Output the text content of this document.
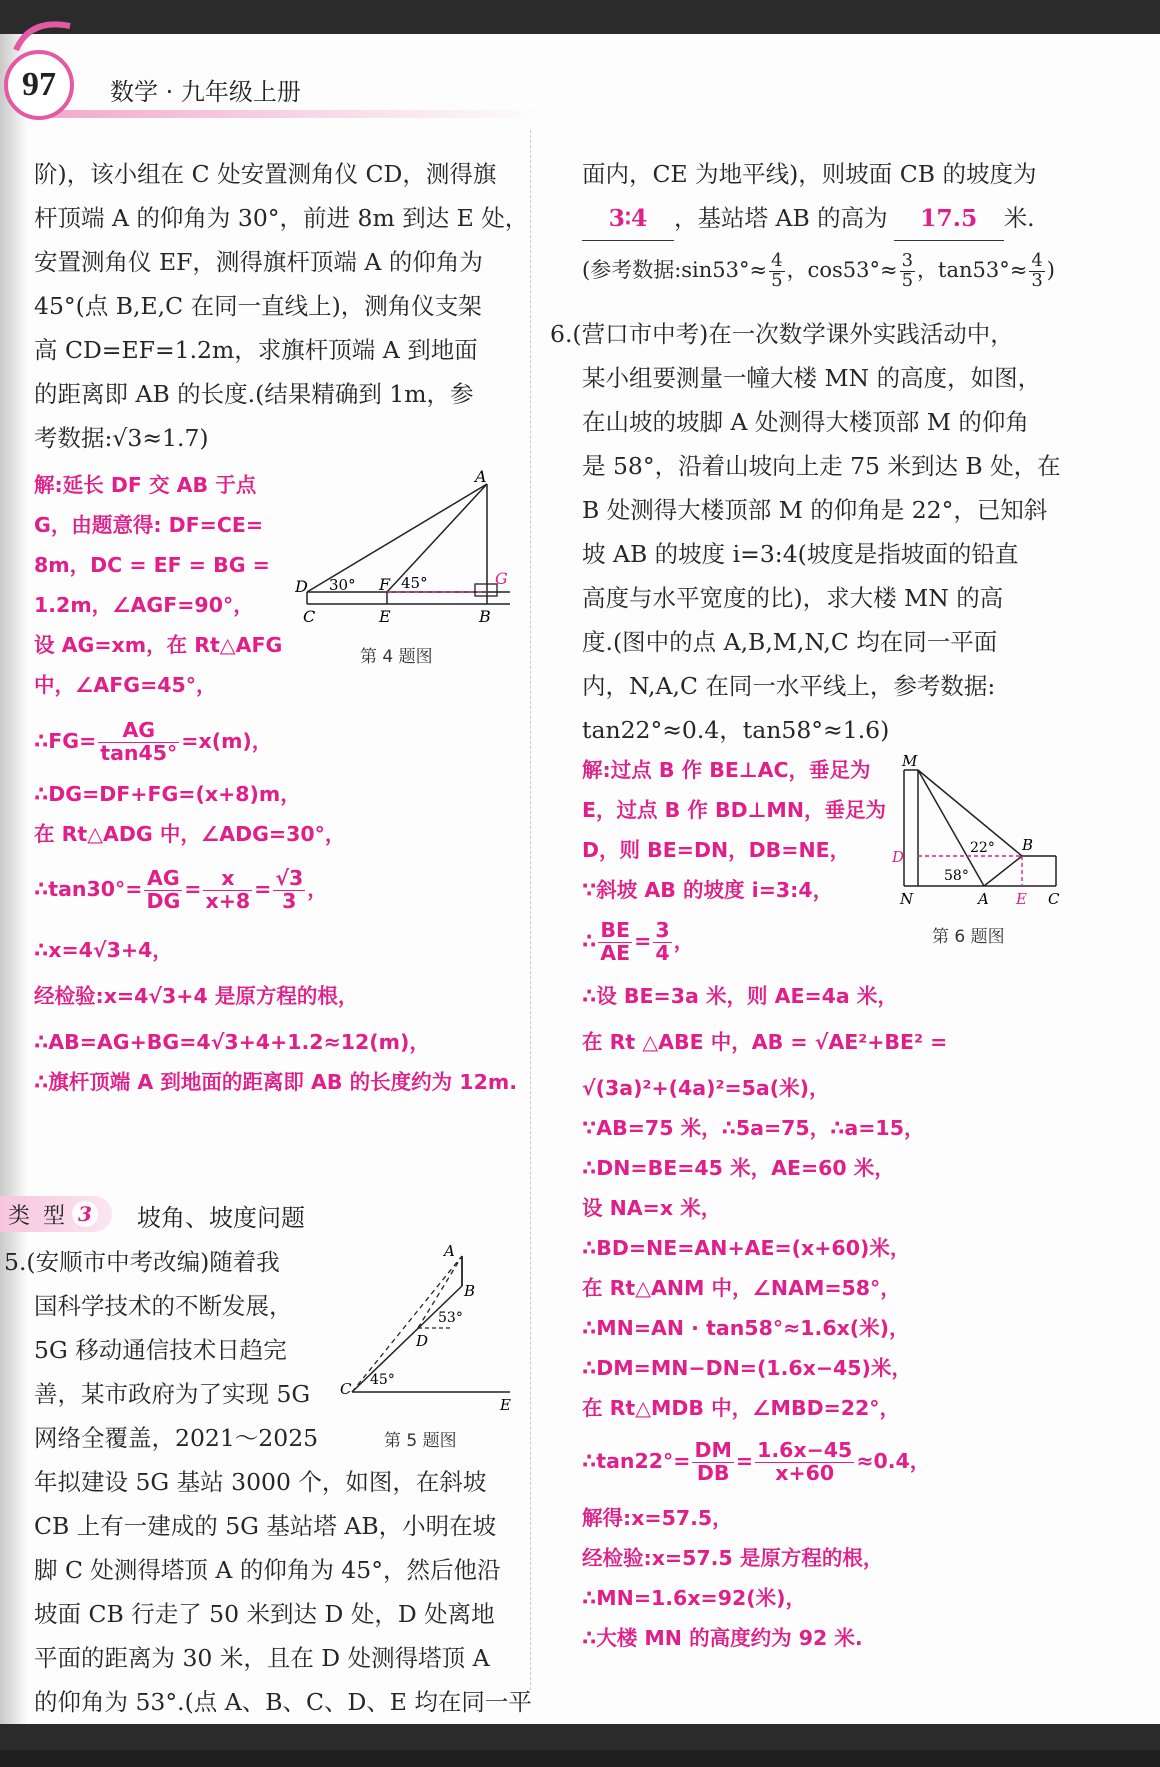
97 数学 · 九年级上册
阶)，该小组在 C 处安置测角仪 CD，测得旗
杆顶端 A 的仰角为 30°，前进 8m 到达 E 处，
安置测角仪 EF，测得旗杆顶端 A 的仰角为
45°(点 B,E,C 在同一直线上)，测角仪支架
高 CD=EF=1.2m，求旗杆顶端 A 到地面
的距离即 AB 的长度.(结果精确到 1m，参
考数据:√3≈1.7)
解:延长 DF 交 AB 于点
G，由题意得: DF=CE=
8m，DC = EF = BG =
1.2m，∠AGF=90°，
设 AG=xm，在 Rt△AFG
中，∠AFG=45°，
∴FG= $\frac{AG}{\tan 45^\circ} =x(m)$，
∴DG=DF+FG=(x+8)m，
在 Rt△ADG 中，∠ADG=30°，
∴tan30°= $\frac{AG}{DG} = \frac{x}{x+8} = \frac{√3}{3}$ ，
∴x=4√3+4，
经检验:x=4√3+4 是原方程的根，
∴AB=AG+BG=4√3+4+1.2≈12(m)，
∴旗杆顶端 A 到地面的距离即 AB 的长度约为 12m.
A
D 30° F 45°	G
C	E	B
第 4 题图
类 型 3 坡角、坡度问题
5.(安顺市中考改编)随着我
国科学技术的不断发展，
5G 移动通信技术日趋完
善，某市政府为了实现 5G
网络全覆盖，2021～2025
年拟建设 5G 基站 3000 个，如图，在斜坡
CB 上有一建成的 5G 基站塔 AB，小明在坡
脚 C 处测得塔顶 A 的仰角为 45°，然后他沿
坡面 CB 行走了 50 米到达 D 处，D 处离地
平面的距离为 30 米，且在 D 处测得塔顶 A
的仰角为 53°.(点 A、B、C、D、E 均在同一平
A
B
53°
D
C 45°
E
第 5 题图
面内，CE 为地平线)，则坡面 CB 的坡度为
3∶4 ，基站塔 AB 的高为 17.5 米.
(参考数据:sin53°≈ $\frac{4}{5}$ ，$\cos 53^\circ\approx \frac{3}{5}$ ，$\tan 53^\circ\approx \frac{4}{3}$ )
6.(营口市中考)在一次数学课外实践活动中，
某小组要测量一幢大楼 MN 的高度，如图，
在山坡的坡脚 A 处测得大楼顶部 M 的仰角
是 58°，沿着山坡向上走 75 米到达 B 处，在
B 处测得大楼顶部 M 的仰角是 22°，已知斜
坡 AB 的坡度 i=3:4(坡度是指坡面的铅直
高度与水平宽度的比)，求大楼 MN 的高
度.(图中的点 A,B,M,N,C 均在同一平面
内，N,A,C 在同一水平线上，参考数据:
tan22°≈0.4，tan58°≈1.6)
解:过点 B 作 BE⊥AC，垂足为
E，过点 B 作 BD⊥MN，垂足为
D，则 BE=DN，DB=NE，
∵斜坡 AB 的坡度 i=3:4，
∴ $\frac{BE}{AE} = \frac{3}{4}$ ，
∴设 BE=3a 米，则 AE=4a 米，
在 Rt △ABE 中，AB = √AE²+BE² =
√(3a)²+(4a)²=5a(米)，
∵AB=75 米，∴5a=75，∴a=15，
∴DN=BE=45 米，AE=60 米，
设 NA=x 米，
∴BD=NE=AN+AE=(x+60)米，
在 Rt△ANM 中，∠NAM=58°，
∴MN=AN · tan58°≈1.6x(米)，
∴DM=MN−DN=(1.6x−45)米，
在 Rt△MDB 中，∠MBD=22°，
∴tan22°= $\frac{DM}{DB} = \frac{1.6x-45}{x+60} \approx 0.4$，
解得:x=57.5，
经检验:x=57.5 是原方程的根，
∴MN=1.6x=92(米)，
∴大楼 MN 的高度约为 92 米.
M
D	22° B
58°
N	A E C
第 6 题图
